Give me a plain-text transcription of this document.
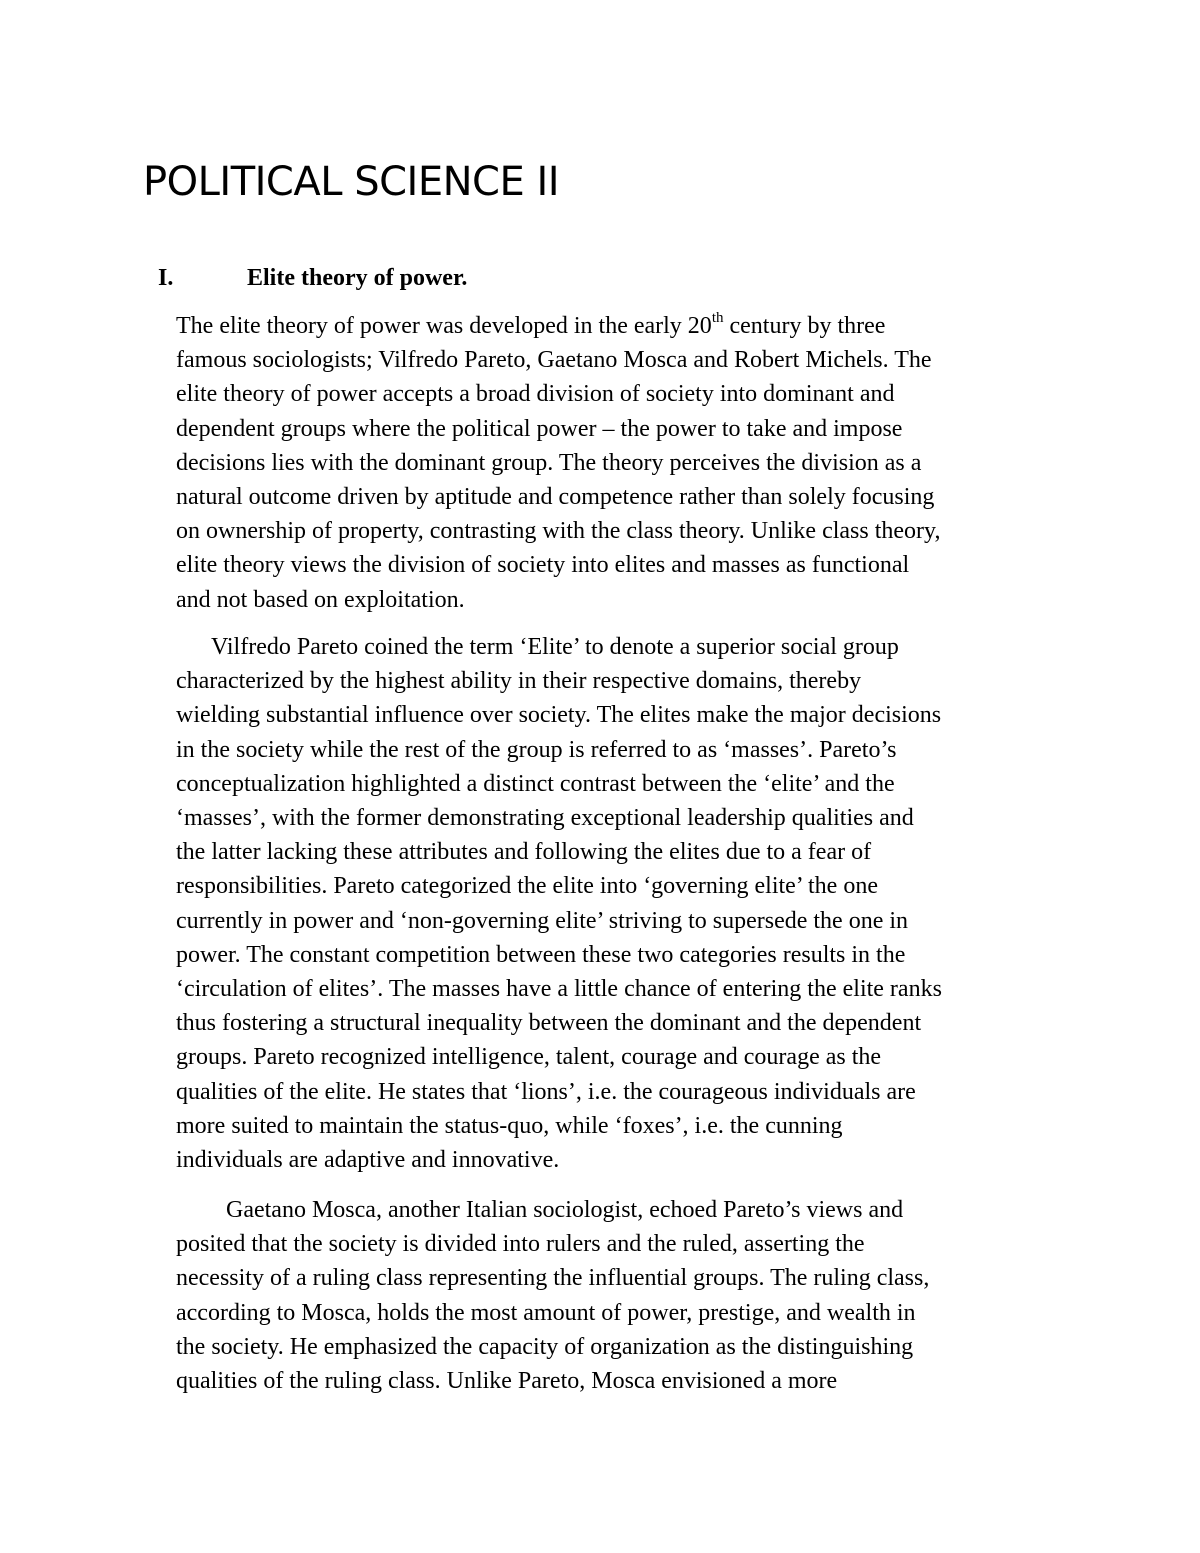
POLITICAL SCIENCE II
I.	Elite theory of power.
The elite theory of power was developed in the early 20th century by three
famous sociologists; Vilfredo Pareto, Gaetano Mosca and Robert Michels. The
elite theory of power accepts a broad division of society into dominant and
dependent groups where the political power – the power to take and impose
decisions lies with the dominant group. The theory perceives the division as a
natural outcome driven by aptitude and competence rather than solely focusing
on ownership of property, contrasting with the class theory. Unlike class theory,
elite theory views the division of society into elites and masses as functional
and not based on exploitation.
Vilfredo Pareto coined the term ‘Elite’ to denote a superior social group
characterized by the highest ability in their respective domains, thereby
wielding substantial influence over society. The elites make the major decisions
in the society while the rest of the group is referred to as ‘masses’. Pareto’s
conceptualization highlighted a distinct contrast between the ‘elite’ and the
‘masses’, with the former demonstrating exceptional leadership qualities and
the latter lacking these attributes and following the elites due to a fear of
responsibilities. Pareto categorized the elite into ‘governing elite’ the one
currently in power and ‘non-governing elite’ striving to supersede the one in
power. The constant competition between these two categories results in the
‘circulation of elites’. The masses have a little chance of entering the elite ranks
thus fostering a structural inequality between the dominant and the dependent
groups. Pareto recognized intelligence, talent, courage and courage as the
qualities of the elite. He states that ‘lions’, i.e. the courageous individuals are
more suited to maintain the status-quo, while ‘foxes’, i.e. the cunning
individuals are adaptive and innovative.
Gaetano Mosca, another Italian sociologist, echoed Pareto’s views and
posited that the society is divided into rulers and the ruled, asserting the
necessity of a ruling class representing the influential groups. The ruling class,
according to Mosca, holds the most amount of power, prestige, and wealth in
the society. He emphasized the capacity of organization as the distinguishing
qualities of the ruling class. Unlike Pareto, Mosca envisioned a more
